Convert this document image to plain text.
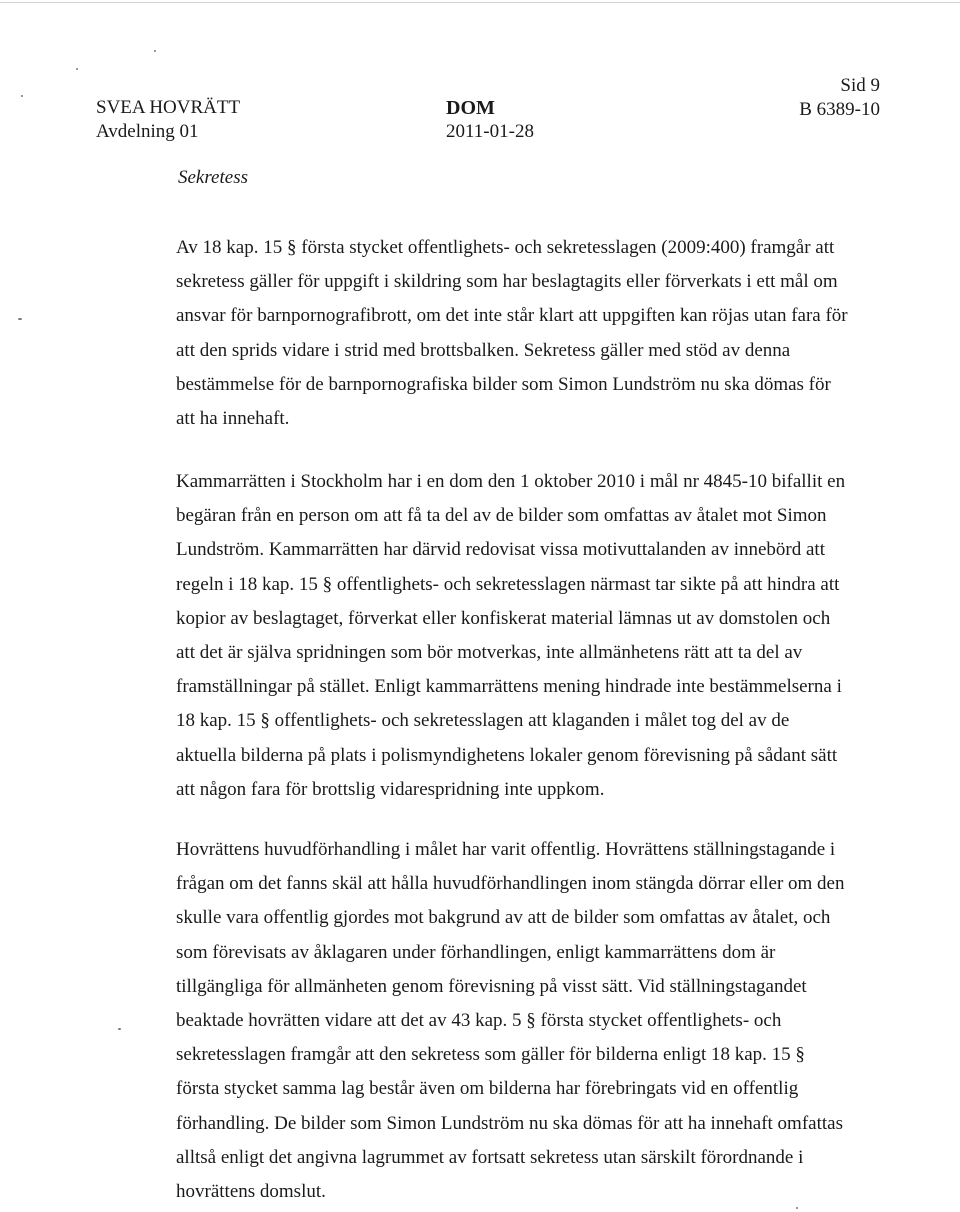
SVEA HOVRÄTT
Avdelning 01
DOM
2011-01-28
Sid 9
B 6389-10
Sekretess

Av 18 kap. 15 § första stycket offentlighets- och sekretesslagen (2009:400) framgår att sekretess gäller för uppgift i skildring som har beslagtagits eller förverkats i ett mål om ansvar för barnpornografibrott, om det inte står klart att uppgiften kan röjas utan fara för att den sprids vidare i strid med brottsbalken. Sekretess gäller med stöd av denna bestämmelse för de barnpornografiska bilder som Simon Lundström nu ska dömas för att ha innehaft.

Kammarrätten i Stockholm har i en dom den 1 oktober 2010 i mål nr 4845-10 bifallit en begäran från en person om att få ta del av de bilder som omfattas av åtalet mot Simon Lundström. Kammarrätten har därvid redovisat vissa motivuttalanden av innebörd att regeln i 18 kap. 15 § offentlighets- och sekretesslagen närmast tar sikte på att hindra att kopior av beslagtaget, förverkat eller konfiskerat material lämnas ut av domstolen och att det är själva spridningen som bör motverkas, inte allmänhetens rätt att ta del av framställningar på stället. Enligt kammarrättens mening hindrade inte bestämmelserna i 18 kap. 15 § offentlighets- och sekretesslagen att klaganden i målet tog del av de aktuella bilderna på plats i polismyndighetens lokaler genom förevisning på sådant sätt att någon fara för brottslig vidarespridning inte uppkom.

Hovrättens huvudförhandling i målet har varit offentlig. Hovrättens ställningstagande i frågan om det fanns skäl att hålla huvudförhandlingen inom stängda dörrar eller om den skulle vara offentlig gjordes mot bakgrund av att de bilder som omfattas av åtalet, och som förevisats av åklagaren under förhandlingen, enligt kammarrättens dom är tillgängliga för allmänheten genom förevisning på visst sätt. Vid ställningstagandet beaktade hovrätten vidare att det av 43 kap. 5 § första stycket offentlighets- och sekretesslagen framgår att den sekretess som gäller för bilderna enligt 18 kap. 15 § första stycket samma lag består även om bilderna har förebringats vid en offentlig förhandling. De bilder som Simon Lundström nu ska dömas för att ha innehaft omfattas alltså enligt det angivna lagrummet av fortsatt sekretess utan särskilt förordnande i hovrättens domslut.
